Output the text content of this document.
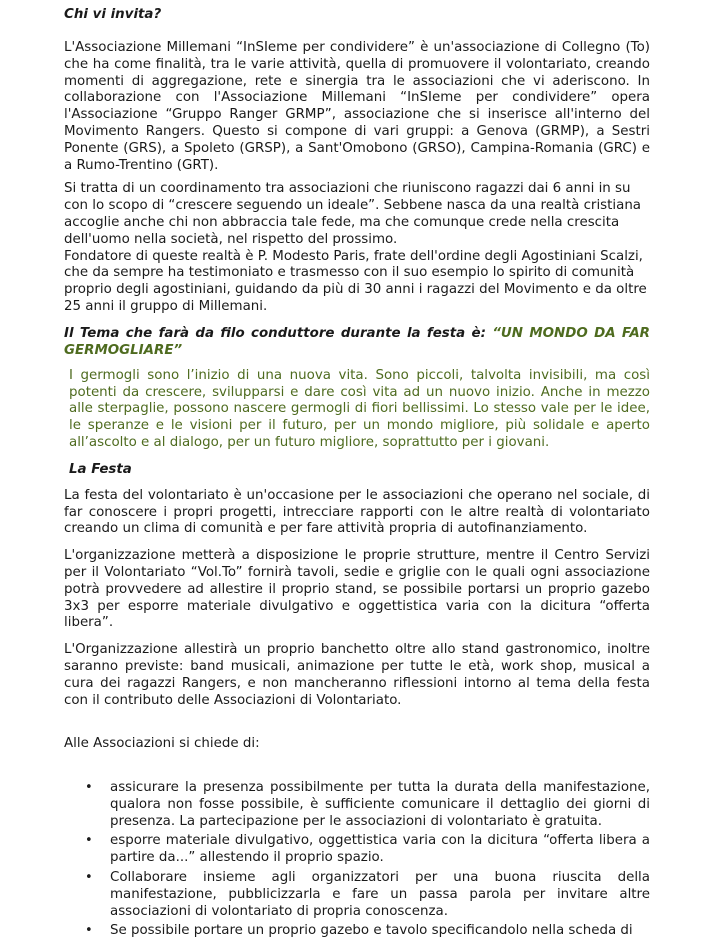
Chi vi invita?

L'Associazione Millemani “InSIeme per condividere” è un'associazione di Collegno (To) che ha come finalità, tra le varie attività, quella di promuovere il volontariato, creando momenti di aggregazione, rete e sinergia tra le associazioni che vi aderiscono. In collaborazione con l'Associazione Millemani “InSIeme per condividere” opera l'Associazione “Gruppo Ranger GRMP”, associazione che si inserisce all'interno del Movimento Rangers. Questo si compone di vari gruppi: a Genova (GRMP), a Sestri Ponente (GRS), a Spoleto (GRSP), a Sant'Omobono (GRSO), Campina-Romania (GRC) e a Rumo-Trentino (GRT).

Si tratta di un coordinamento tra associazioni che riuniscono ragazzi dai 6 anni in su con lo scopo di “crescere seguendo un ideale”. Sebbene nasca da una realtà cristiana accoglie anche chi non abbraccia tale fede, ma che comunque crede nella crescita dell'uomo nella società, nel rispetto del prossimo.

Fondatore di queste realtà è P. Modesto Paris, frate dell'ordine degli Agostiniani Scalzi, che da sempre ha testimoniato e trasmesso con il suo esempio lo spirito di comunità proprio degli agostiniani, guidando da più di 30 anni i ragazzi del Movimento e da oltre 25 anni il gruppo di Millemani.

Il Tema che farà da filo conduttore durante la festa è: “UN MONDO DA FAR GERMOGLIARE”

I germogli sono l’inizio di una nuova vita. Sono piccoli, talvolta invisibili, ma così potenti da crescere, svilupparsi e dare così vita ad un nuovo inizio. Anche in mezzo alle sterpaglie, possono nascere germogli di fiori bellissimi. Lo stesso vale per le idee, le speranze e le visioni per il futuro, per un mondo migliore, più solidale e aperto all’ascolto e al dialogo, per un futuro migliore, soprattutto per i giovani.

La Festa

La festa del volontariato è un'occasione per le associazioni che operano nel sociale, di far conoscere i propri progetti, intrecciare rapporti con le altre realtà di volontariato creando un clima di comunità e per fare attività propria di autofinanziamento.

L'organizzazione metterà a disposizione le proprie strutture, mentre il Centro Servizi per il Volontariato “Vol.To” fornirà tavoli, sedie e griglie con le quali ogni associazione potrà provvedere ad allestire il proprio stand, se possibile portarsi un proprio gazebo 3x3 per esporre materiale divulgativo e oggettistica varia con la dicitura “offerta libera”.

L'Organizzazione allestirà un proprio banchetto oltre allo stand gastronomico, inoltre saranno previste: band musicali, animazione per tutte le età, work shop, musical a cura dei ragazzi Rangers, e non mancheranno riflessioni intorno al tema della festa con il contributo delle Associazioni di Volontariato.

Alle Associazioni si chiede di:

• assicurare la presenza possibilmente per tutta la durata della manifestazione, qualora non fosse possibile, è sufficiente comunicare il dettaglio dei giorni di presenza. La partecipazione per le associazioni di volontariato è gratuita.
• esporre materiale divulgativo, oggettistica varia con la dicitura “offerta libera a partire da...” allestendo il proprio spazio.
• Collaborare insieme agli organizzatori per una buona riuscita della manifestazione, pubblicizzarla e fare un passa parola per invitare altre associazioni di volontariato di propria conoscenza.
• Se possibile portare un proprio gazebo e tavolo specificandolo nella scheda di
